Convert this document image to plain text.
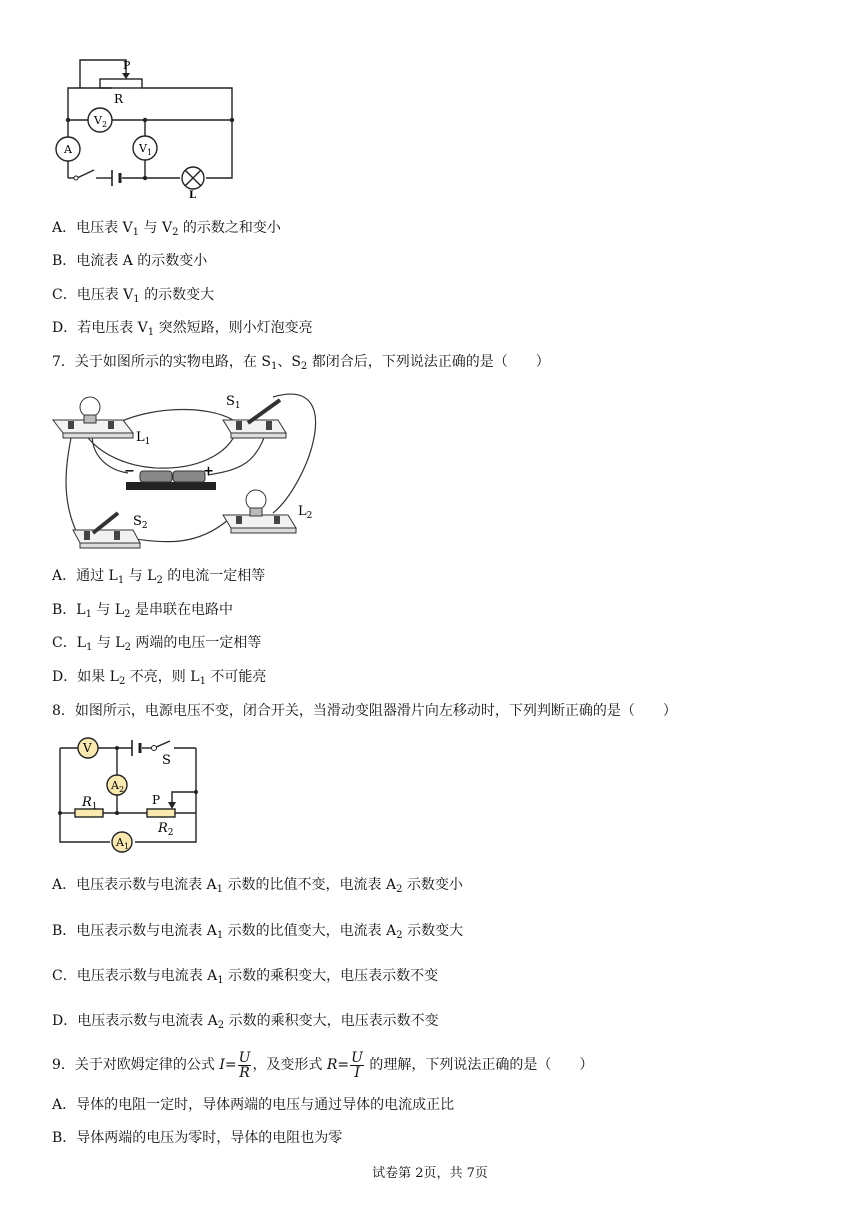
P
R
A
$V_2$
$V_1$
L
A．电压表 $V_1$ 与 $V_2$ 的示数之和变小
B．电流表 A 的示数变小
C．电压表 $V_1$ 的示数变大
D．若电压表 $V_1$ 突然短路，则小灯泡变亮
7．关于如图所示的实物电路，在 $S_1$、$S_2$ 都闭合后，下列说法正确的是（　　）
$L_1$
$S_1$
$S_2$
$L_2$
−	+
A．通过 $L_1$ 与 $L_2$ 的电流一定相等
B．$L_1$ 与 $L_2$ 是串联在电路中
C．$L_1$ 与 $L_2$ 两端的电压一定相等
D．如果 $L_2$ 不亮，则 $L_1$ 不可能亮
8．如图所示，电源电压不变，闭合开关，当滑动变阻器滑片向左移动时，下列判断正确的是（　　）
V
S
$A_2$
$A_1$
$R_1$	P
$R_2$
A．电压表示数与电流表 $A_1$ 示数的比值不变，电流表 $A_2$ 示数变小
B．电压表示数与电流表 $A_1$ 示数的比值变大，电流表 $A_2$ 示数变大
C．电压表示数与电流表 $A_1$ 示数的乘积变大，电压表示数不变
D．电压表示数与电流表 $A_2$ 示数的乘积变大，电压表示数不变
9．关于对欧姆定律的公式 $I= \frac{U}{R}$ ，及变形式 $R= \frac{U}{I}$ 的理解，下列说法正确的是（　　）
A．导体的电阻一定时，导体两端的电压与通过导体的电流成正比
B．导体两端的电压为零时，导体的电阻也为零
试卷第 2页，共 7页
